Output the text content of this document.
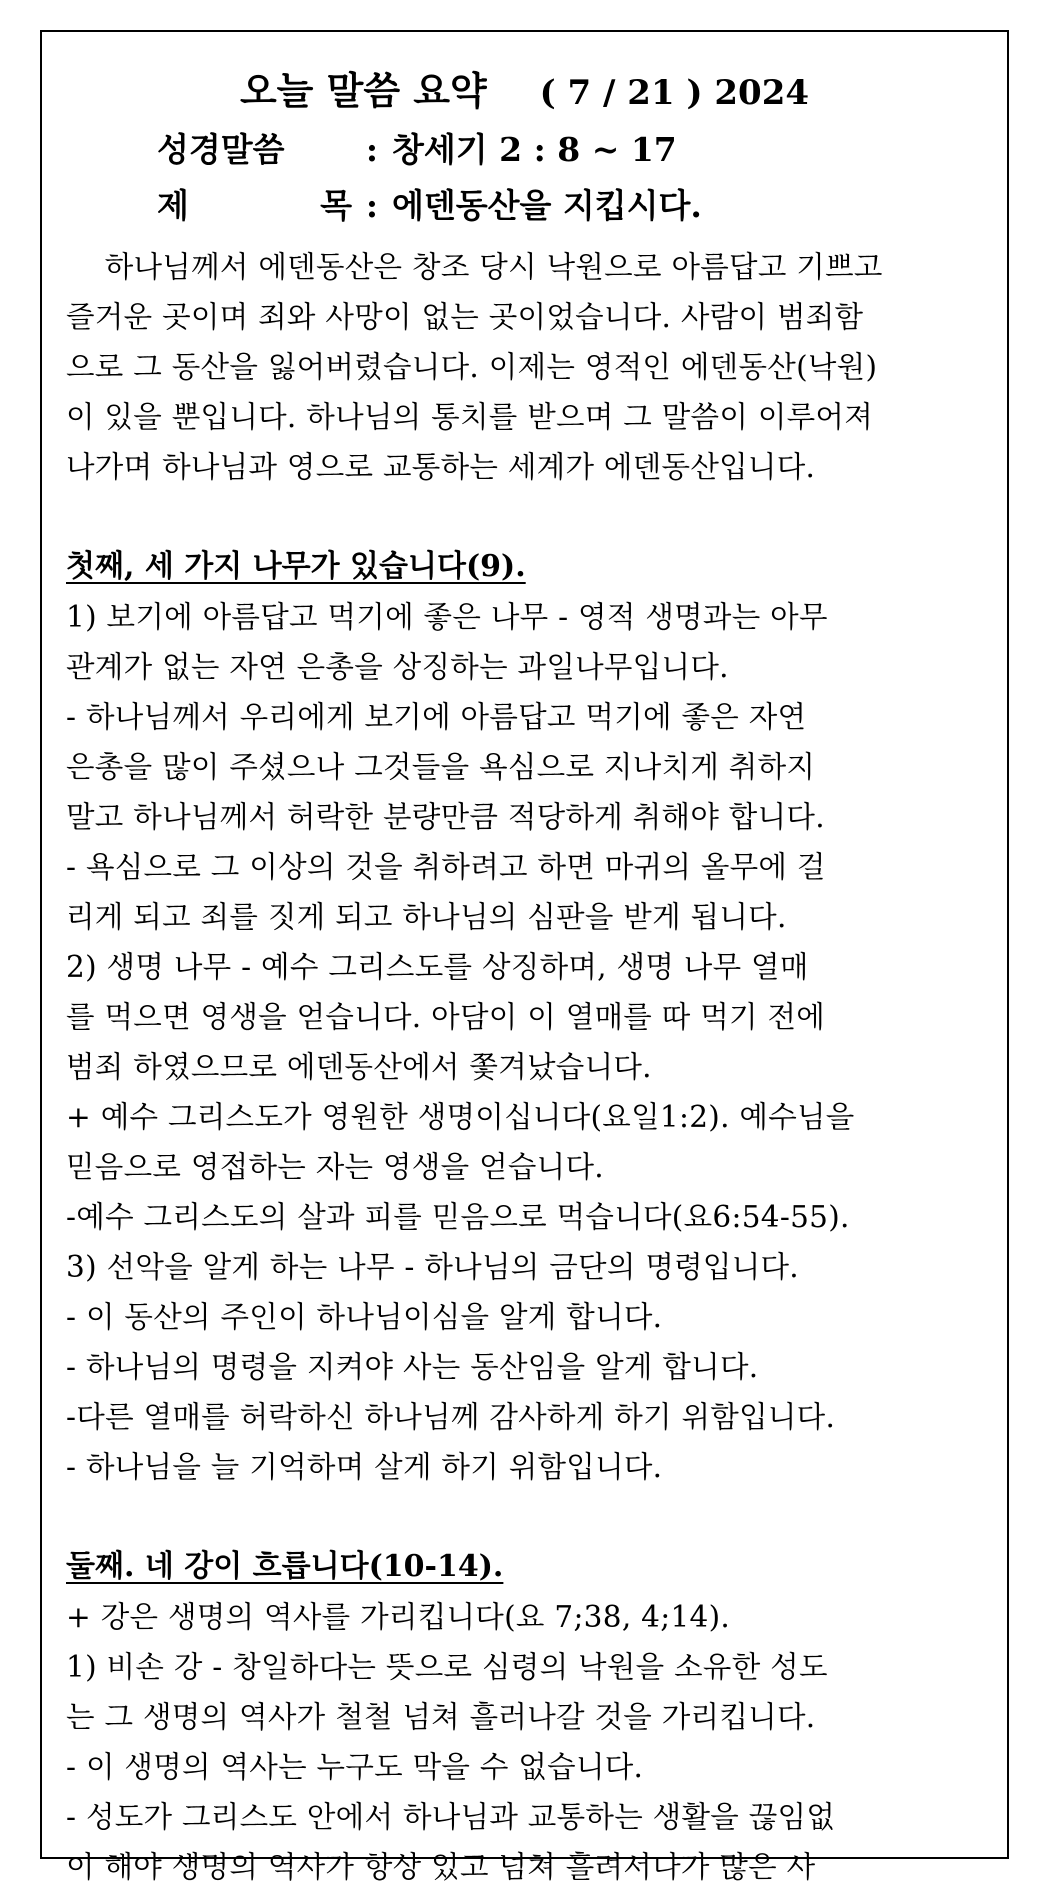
오늘 말씀 요약 ( 7 / 21 ) 2024
성경말씀 : 창세기 2 : 8 ~ 17
제 목 : 에덴동산을 지킵시다.
하나님께서 에덴동산은 창조 당시 낙원으로 아름답고 기쁘고
즐거운 곳이며 죄와 사망이 없는 곳이었습니다. 사람이 범죄함
으로 그 동산을 잃어버렸습니다. 이제는 영적인 에덴동산(낙원)
이 있을 뿐입니다. 하나님의 통치를 받으며 그 말씀이 이루어져
나가며 하나님과 영으로 교통하는 세계가 에덴동산입니다.
첫째, 세 가지 나무가 있습니다(9).
1) 보기에 아름답고 먹기에 좋은 나무 - 영적 생명과는 아무
관계가 없는 자연 은총을 상징하는 과일나무입니다.
- 하나님께서 우리에게 보기에 아름답고 먹기에 좋은 자연
은총을 많이 주셨으나 그것들을 욕심으로 지나치게 취하지
말고 하나님께서 허락한 분량만큼 적당하게 취해야 합니다.
- 욕심으로 그 이상의 것을 취하려고 하면 마귀의 올무에 걸
리게 되고 죄를 짓게 되고 하나님의 심판을 받게 됩니다.
2) 생명 나무 - 예수 그리스도를 상징하며, 생명 나무 열매
를 먹으면 영생을 얻습니다. 아담이 이 열매를 따 먹기 전에
범죄 하였으므로 에덴동산에서 쫓겨났습니다.
+ 예수 그리스도가 영원한 생명이십니다(요일1:2). 예수님을
믿음으로 영접하는 자는 영생을 얻습니다.
-예수 그리스도의 살과 피를 믿음으로 먹습니다(요6:54-55).
3) 선악을 알게 하는 나무 - 하나님의 금단의 명령입니다.
- 이 동산의 주인이 하나님이심을 알게 합니다.
- 하나님의 명령을 지켜야 사는 동산임을 알게 합니다.
-다른 열매를 허락하신 하나님께 감사하게 하기 위함입니다.
- 하나님을 늘 기억하며 살게 하기 위함입니다.
둘째. 네 강이 흐릅니다(10-14).
+ 강은 생명의 역사를 가리킵니다(요 7;38, 4;14).
1) 비손 강 - 창일하다는 뜻으로 심령의 낙원을 소유한 성도
는 그 생명의 역사가 철철 넘쳐 흘러나갈 것을 가리킵니다.
- 이 생명의 역사는 누구도 막을 수 없습니다.
- 성도가 그리스도 안에서 하나님과 교통하는 생활을 끊임없
이 해야 생명의 역사가 항상 있고 넘쳐 흘려서나가 많은 사
